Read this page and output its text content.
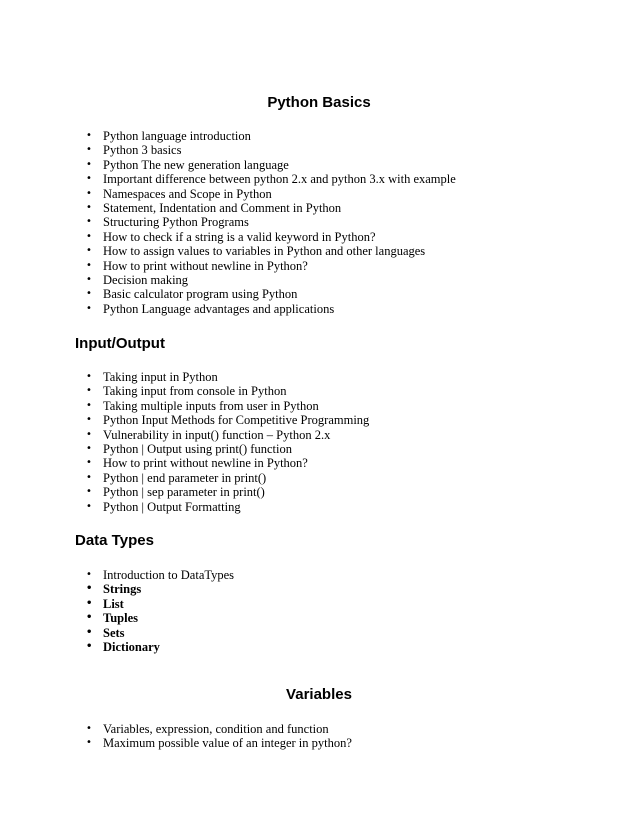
Python Basics
• Python language introduction
• Python 3 basics
• Python The new generation language
• Important difference between python 2.x and python 3.x with example
• Namespaces and Scope in Python
• Statement, Indentation and Comment in Python
• Structuring Python Programs
• How to check if a string is a valid keyword in Python?
• How to assign values to variables in Python and other languages
• How to print without newline in Python?
• Decision making
• Basic calculator program using Python
• Python Language advantages and applications
Input/Output
• Taking input in Python
• Taking input from console in Python
• Taking multiple inputs from user in Python
• Python Input Methods for Competitive Programming
• Vulnerability in input() function – Python 2.x
• Python | Output using print() function
• How to print without newline in Python?
• Python | end parameter in print()
• Python | sep parameter in print()
• Python | Output Formatting
Data Types
• Introduction to DataTypes
• Strings
• List
• Tuples
• Sets
• Dictionary
Variables
• Variables, expression, condition and function
• Maximum possible value of an integer in python?
